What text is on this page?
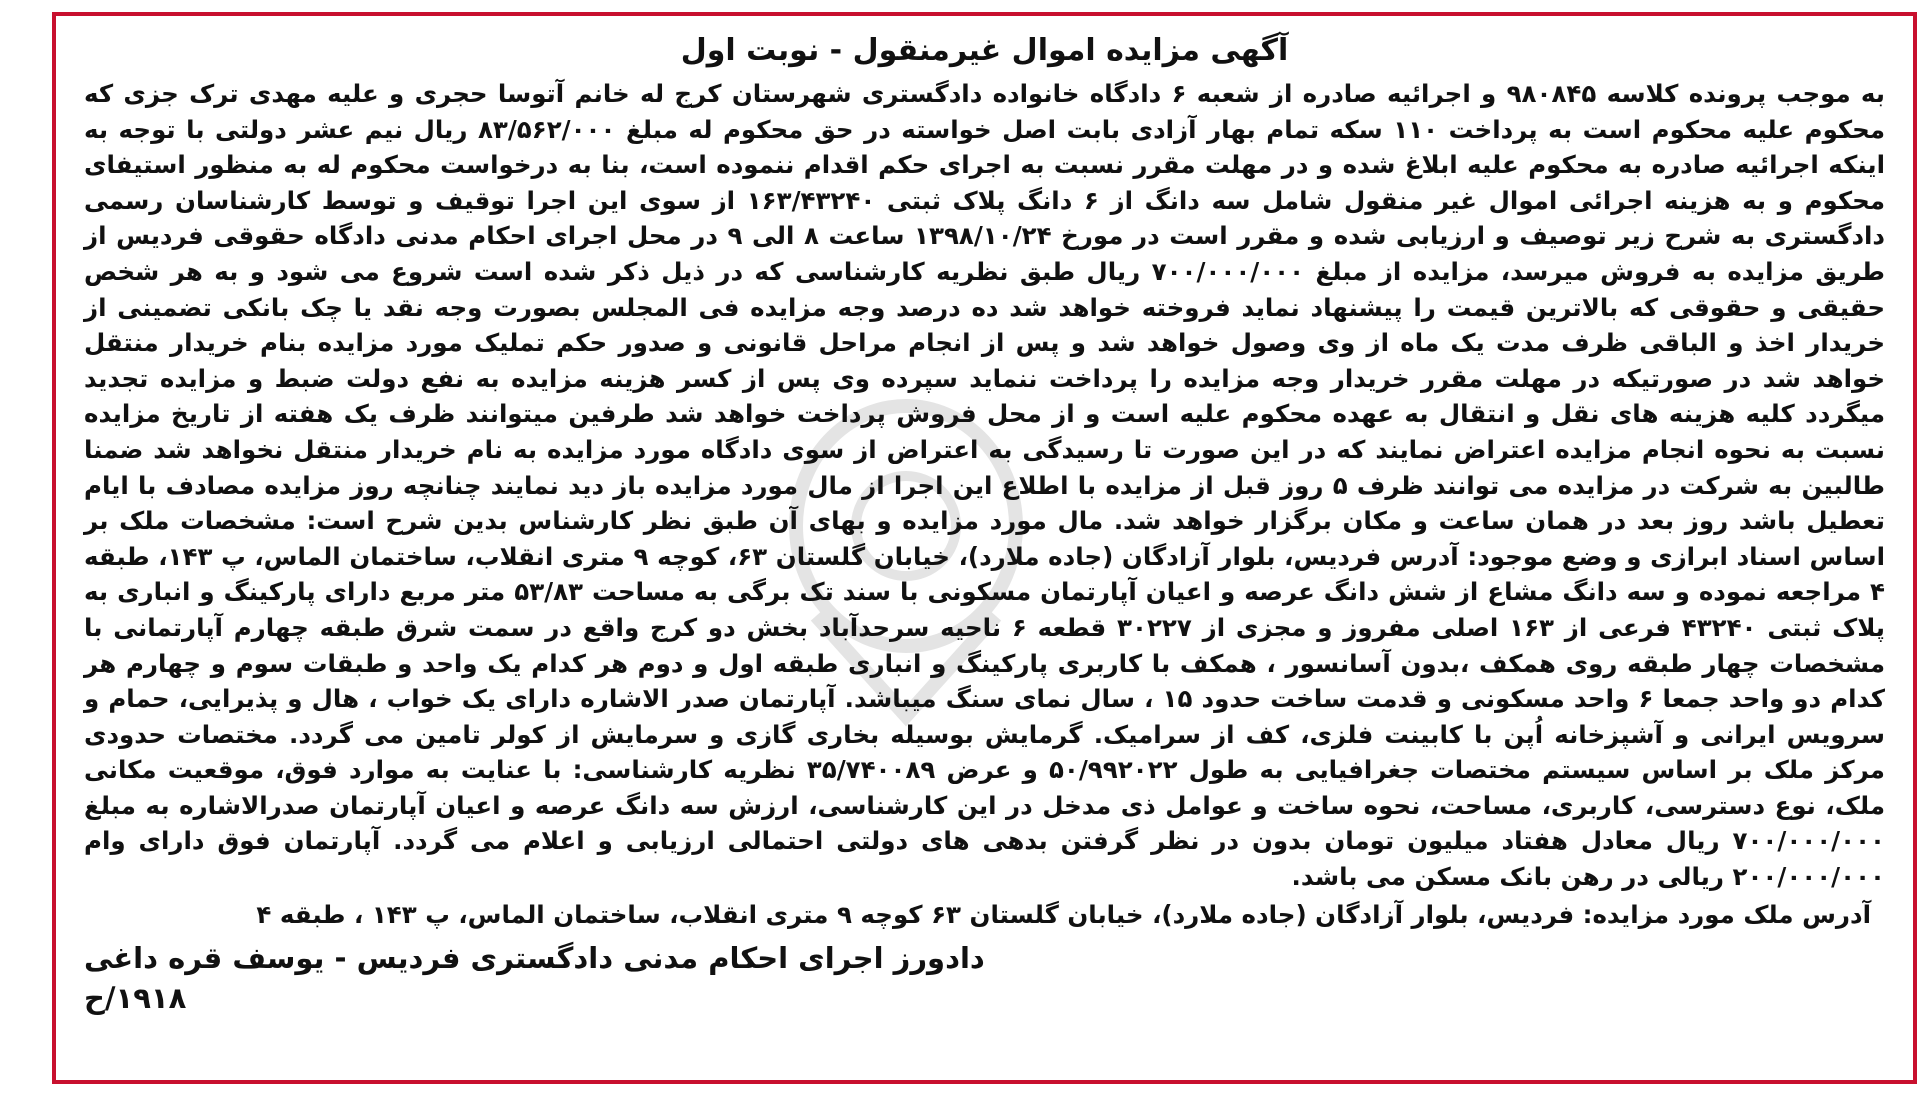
آگهی مزایده اموال غیرمنقول - نوبت اول

به موجب پرونده کلاسه ۹۸۰۸۴۵ و اجرائیه صادره از شعبه ۶ دادگاه خانواده دادگستری شهرستان کرج له خانم آتوسا حجری و علیه مهدی ترک جزی که محکوم علیه محکوم است به پرداخت ۱۱۰ سکه تمام بهار آزادی بابت اصل خواسته در حق محکوم له مبلغ ۸۳/۵۶۲/۰۰۰ ریال نیم عشر دولتی با توجه به اینکه اجرائیه صادره به محکوم علیه ابلاغ شده و در مهلت مقرر نسبت به اجرای حکم اقدام ننموده است، بنا به درخواست محکوم له به منظور استیفای محکوم و به هزینه اجرائی اموال غیر منقول شامل سه دانگ از ۶ دانگ پلاک ثبتی ۱۶۳/۴۳۲۴۰ از سوی این اجرا توقیف و توسط کارشناسان رسمی دادگستری به شرح زیر توصیف و ارزیابی شده و مقرر است در مورخ ۱۳۹۸/۱۰/۲۴ ساعت ۸ الی ۹ در محل اجرای احکام مدنی دادگاه حقوقی فردیس از طریق مزایده به فروش میرسد، مزایده از مبلغ ۷۰۰/۰۰۰/۰۰۰ ریال طبق نظریه کارشناسی که در ذیل ذکر شده است شروع می شود و به هر شخص حقیقی و حقوقی که بالاترین قیمت را پیشنهاد نماید فروخته خواهد شد ده درصد وجه مزایده فی المجلس بصورت وجه نقد یا چک بانکی تضمینی از خریدار اخذ و الباقی ظرف مدت یک ماه از وی وصول خواهد شد و پس از انجام مراحل قانونی و صدور حکم تملیک مورد مزایده بنام خریدار منتقل خواهد شد در صورتیکه در مهلت مقرر خریدار وجه مزایده را پرداخت ننماید سپرده وی پس از کسر هزینه مزایده به نفع دولت ضبط و مزایده تجدید میگردد کلیه هزینه های نقل و انتقال به عهده محکوم علیه است و از محل فروش پرداخت خواهد شد طرفین میتوانند ظرف یک هفته از تاریخ مزایده نسبت به نحوه انجام مزایده اعتراض نمایند که در این صورت تا رسیدگی به اعتراض از سوی دادگاه مورد مزایده به نام خریدار منتقل نخواهد شد ضمنا طالبین به شرکت در مزایده می توانند ظرف ۵ روز قبل از مزایده با اطلاع این اجرا از مال مورد مزایده باز دید نمایند چنانچه روز مزایده مصادف با ایام تعطیل باشد روز بعد در همان ساعت و مکان برگزار خواهد شد. مال مورد مزایده و بهای آن طبق نظر کارشناس بدین شرح است: مشخصات ملک بر اساس اسناد ابرازی و وضع موجود: آدرس فردیس، بلوار آزادگان (جاده ملارد)، خیابان گلستان ۶۳، کوچه ۹ متری انقلاب، ساختمان الماس، پ ۱۴۳، طبقه ۴ مراجعه نموده و سه دانگ مشاع از شش دانگ عرصه و اعیان آپارتمان مسکونی با سند تک برگی به مساحت ۵۳/۸۳ متر مربع دارای پارکینگ و انباری به پلاک ثبتی ۴۳۲۴۰ فرعی از ۱۶۳ اصلی مفروز و مجزی از ۳۰۲۲۷ قطعه ۶ ناحیه سرحدآباد بخش دو کرج واقع در سمت شرق طبقه چهارم آپارتمانی با مشخصات چهار طبقه روی همکف ،بدون آسانسور ، همکف با کاربری پارکینگ و انباری طبقه اول و دوم هر کدام یک واحد و طبقات سوم و چهارم هر کدام دو واحد جمعا ۶ واحد مسکونی و قدمت ساخت حدود ۱۵ ، سال نمای سنگ میباشد. آپارتمان صدر الاشاره دارای یک خواب ، هال و پذیرایی، حمام و سرویس ایرانی و آشپزخانه اُپن با کابینت فلزی، کف از سرامیک. گرمایش بوسیله بخاری گازی و سرمایش از کولر تامین می گردد. مختصات حدودی مرکز ملک بر اساس سیستم مختصات جغرافیایی به طول ۵۰/۹۹۲۰۲۲ و عرض ۳۵/۷۴۰۰۸۹ نظریه کارشناسی: با عنایت به موارد فوق، موقعیت مکانی ملک، نوع دسترسی، کاربری، مساحت، نحوه ساخت و عوامل ذی مدخل در این کارشناسی، ارزش سه دانگ عرصه و اعیان آپارتمان صدرالاشاره به مبلغ ۷۰۰/۰۰۰/۰۰۰ ریال معادل هفتاد میلیون تومان بدون در نظر گرفتن بدهی های دولتی احتمالی ارزیابی و اعلام می گردد. آپارتمان فوق دارای وام ۲۰۰/۰۰۰/۰۰۰ ریالی در رهن بانک مسکن می باشد.

آدرس ملک مورد مزایده: فردیس، بلوار آزادگان (جاده ملارد)، خیابان گلستان ۶۳ کوچه ۹ متری انقلاب، ساختمان الماس، پ ۱۴۳ ، طبقه ۴

دادورز اجرای احکام مدنی دادگستری فردیس - یوسف قره داغی
۱۹۱۸/ح
